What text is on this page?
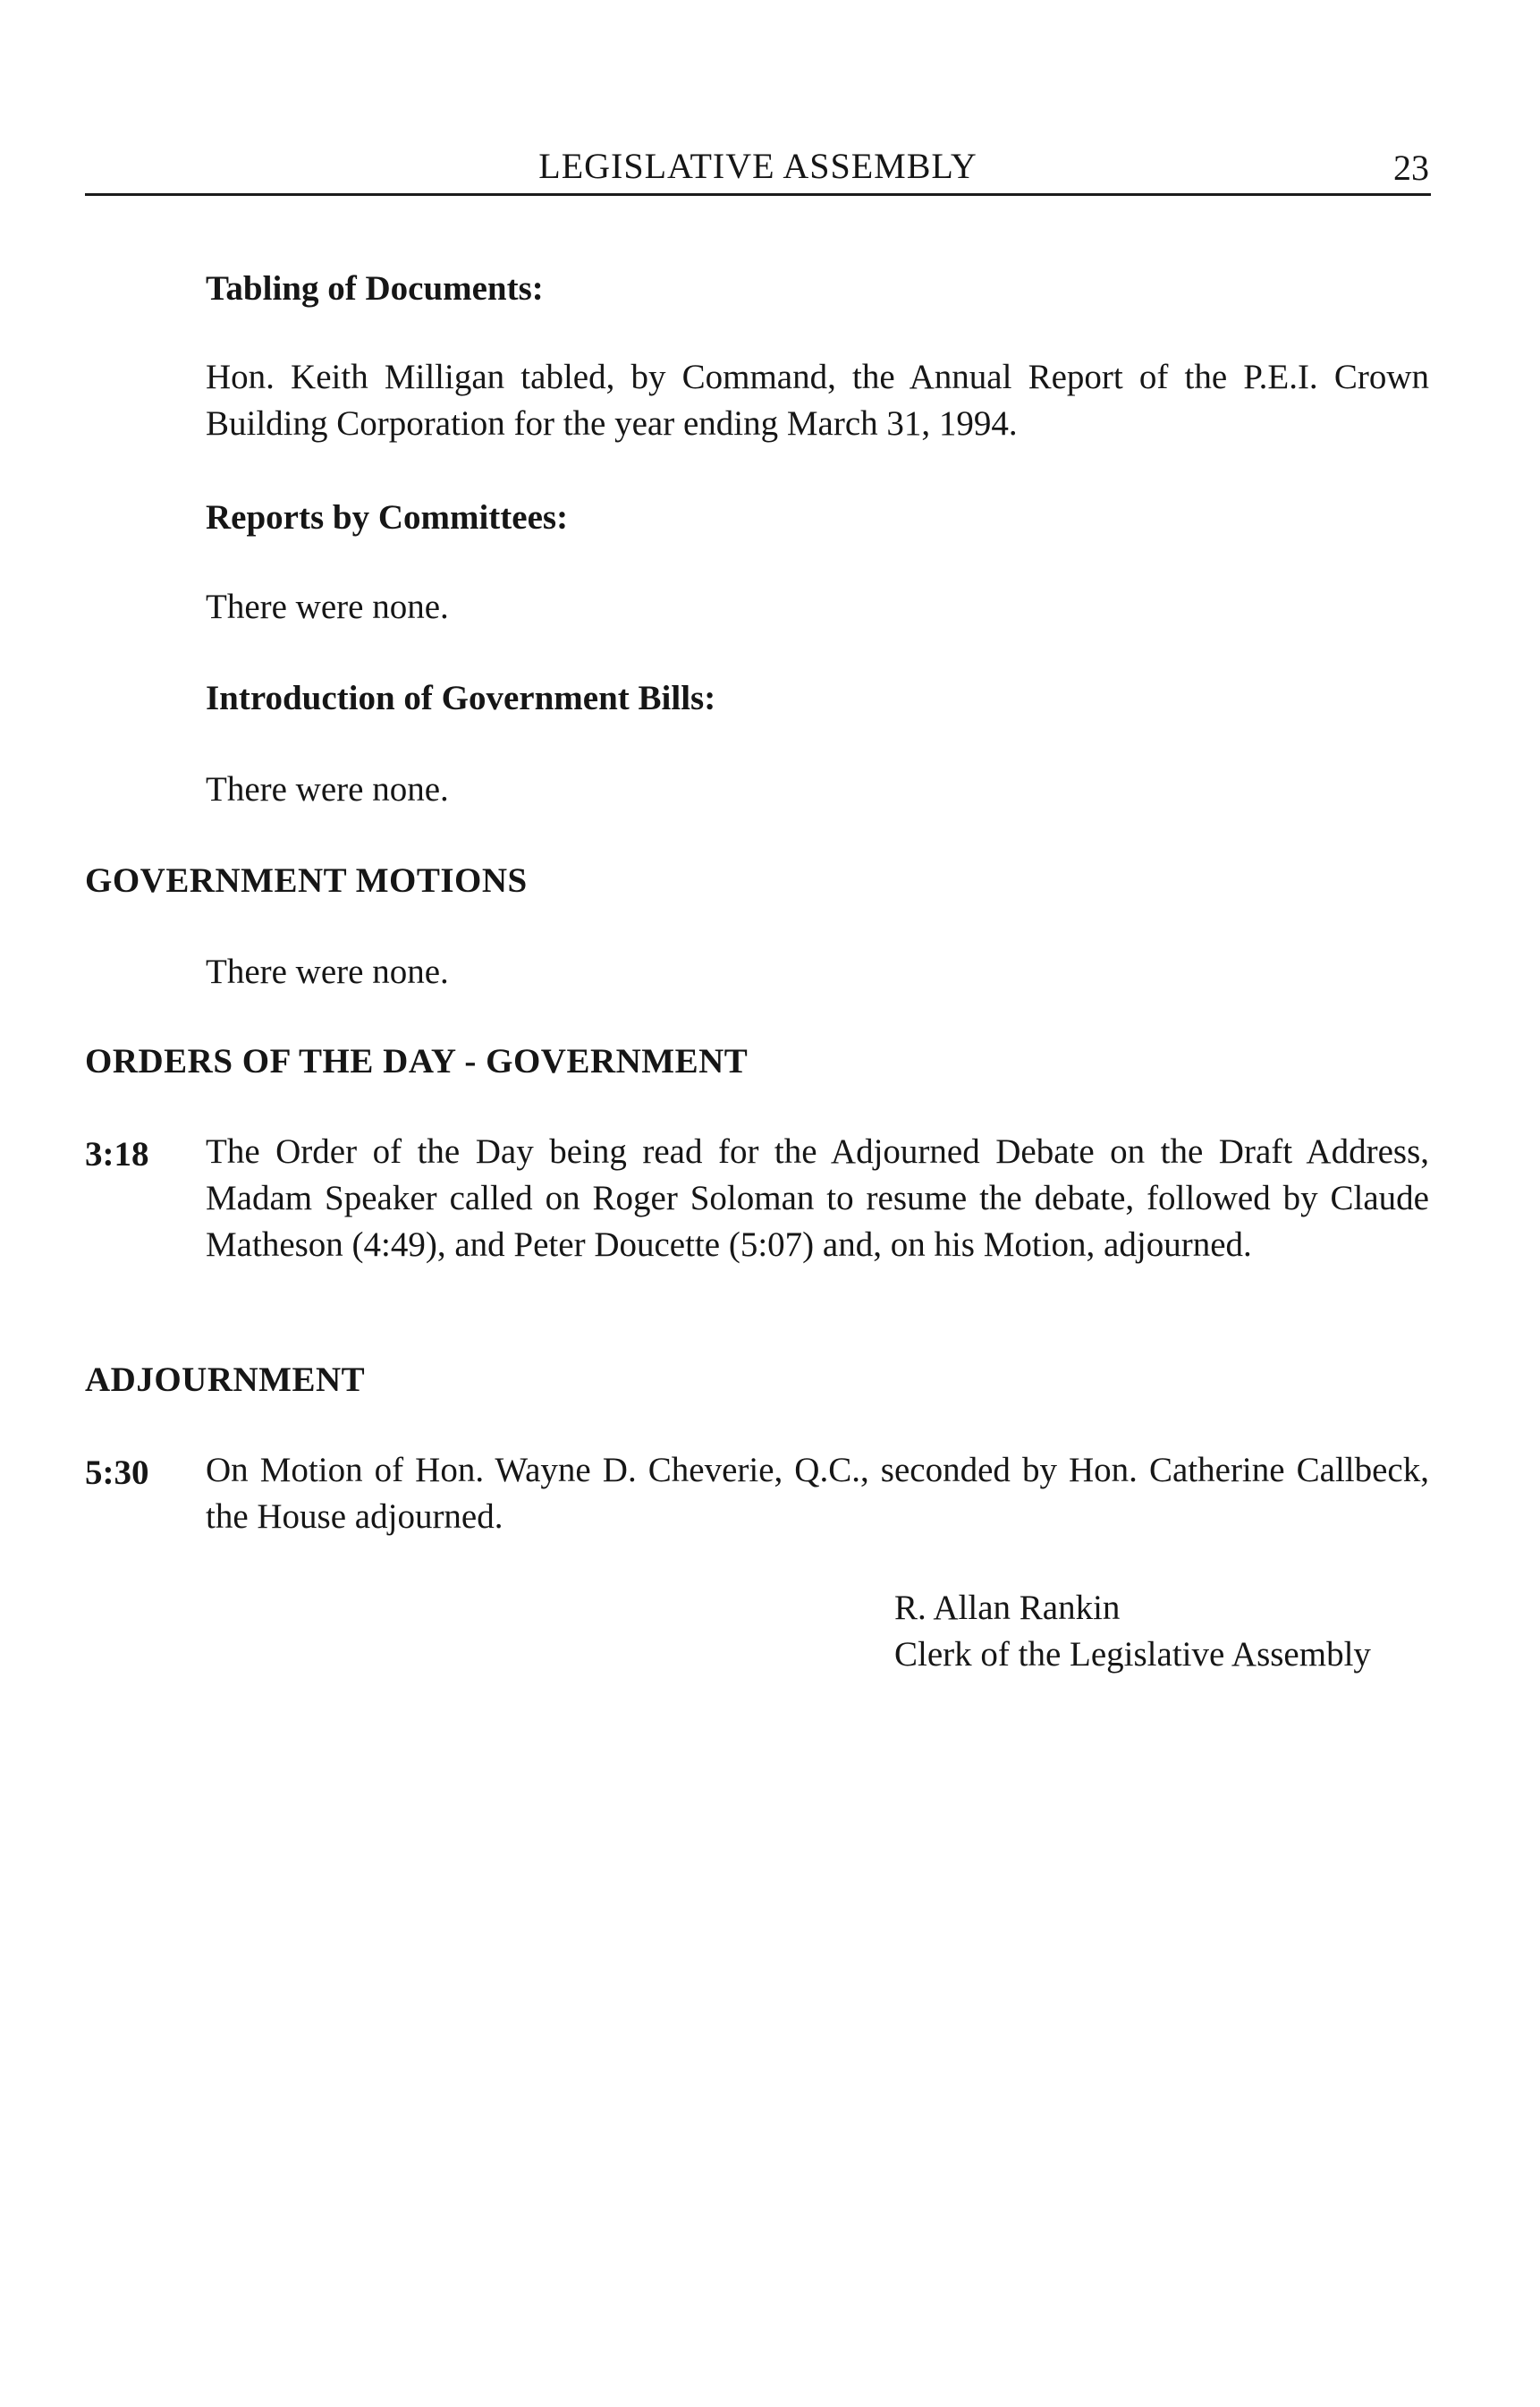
LEGISLATIVE ASSEMBLY	23
Tabling of Documents:

Hon. Keith Milligan tabled, by Command, the Annual Report of the P.E.I. Crown Building Corporation for the year ending March 31, 1994.

Reports by Committees:
There were none.
Introduction of Government Bills:
There were none.
GOVERNMENT MOTIONS
There were none.
ORDERS OF THE DAY - GOVERNMENT
3:18 The Order of the Day being read for the Adjourned Debate on the Draft Address, Madam Speaker called on Roger Soloman to resume the debate, followed by Claude Matheson (4:49), and Peter Doucette (5:07) and, on his Motion, adjourned.

ADJOURNMENT
5:30 On Motion of Hon. Wayne D. Cheverie, Q.C., seconded by Hon. Catherine Callbeck, the House adjourned.

R. Allan Rankin
Clerk of the Legislative Assembly
